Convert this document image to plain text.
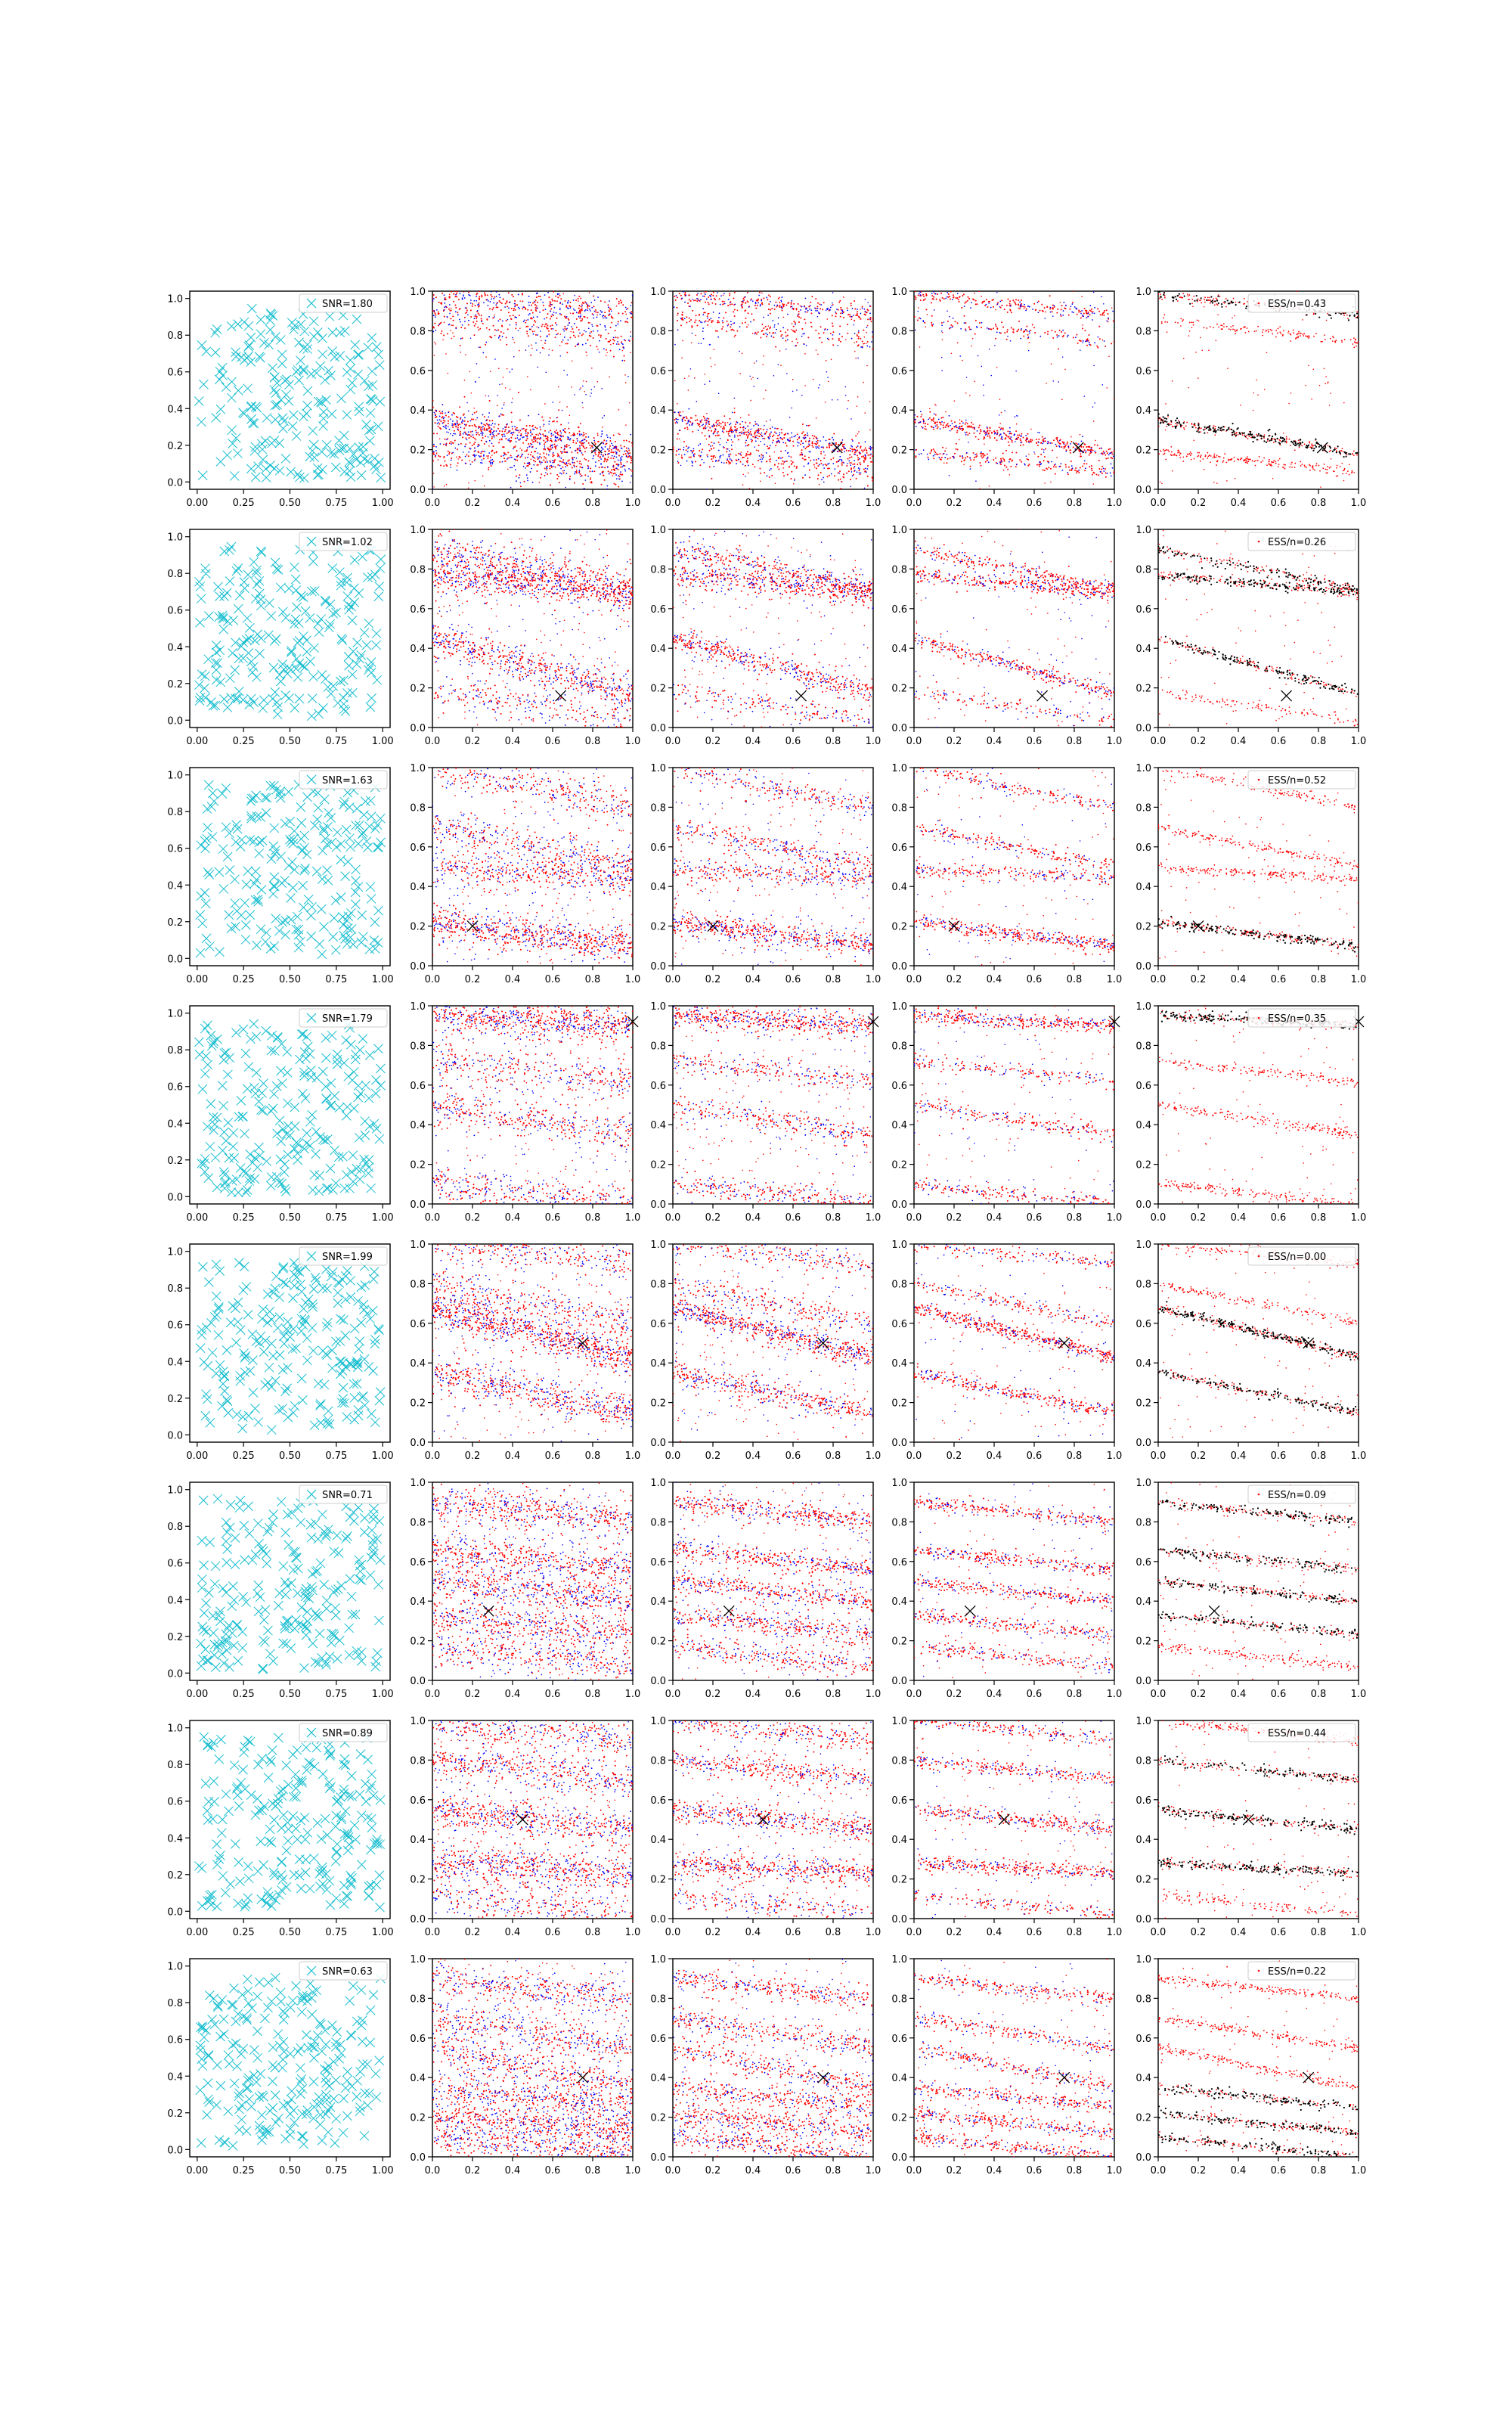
0.00 0.25 0.50 0.75 1.00
0.0
0.2
0.4
0.6
0.8
1.0	SNR=1.80
0.0 0.2 0.4 0.6 0.8 1.0
0.0
0.2
0.4
0.6
0.8
1.0
0.0 0.2 0.4 0.6 0.8 1.0
0.0
0.2
0.4
0.6
0.8
1.0
0.0 0.2 0.4 0.6 0.8 1.0
0.0
0.2
0.4
0.6
0.8
1.0
0.0 0.2 0.4 0.6 0.8 1.0
0.0
0.2
0.4
0.6
0.8
1.0
ESS/n=0.43
0.00 0.25 0.50 0.75 1.00
0.0
0.2
0.4
0.6
0.8
1.0	SNR=1.02
0.0 0.2 0.4 0.6 0.8 1.0
0.0
0.2
0.4
0.6
0.8
1.0
0.0 0.2 0.4 0.6 0.8 1.0
0.0
0.2
0.4
0.6
0.8
1.0
0.0 0.2 0.4 0.6 0.8 1.0
0.0
0.2
0.4
0.6
0.8
1.0
0.0 0.2 0.4 0.6 0.8 1.0
0.0
0.2
0.4
0.6
0.8
1.0
ESS/n=0.26
0.00 0.25 0.50 0.75 1.00
0.0
0.2
0.4
0.6
0.8
1.0	SNR=1.63
0.0 0.2 0.4 0.6 0.8 1.0
0.0
0.2
0.4
0.6
0.8
1.0
0.0 0.2 0.4 0.6 0.8 1.0
0.0
0.2
0.4
0.6
0.8
1.0
0.0 0.2 0.4 0.6 0.8 1.0
0.0
0.2
0.4
0.6
0.8
1.0
0.0 0.2 0.4 0.6 0.8 1.0
0.0
0.2
0.4
0.6
0.8
1.0
ESS/n=0.52
0.00 0.25 0.50 0.75 1.00
0.0
0.2
0.4
0.6
0.8
1.0	SNR=1.79
0.0 0.2 0.4 0.6 0.8 1.0
0.0
0.2
0.4
0.6
0.8
1.0
0.0 0.2 0.4 0.6 0.8 1.0
0.0
0.2
0.4
0.6
0.8
1.0
0.0 0.2 0.4 0.6 0.8 1.0
0.0
0.2
0.4
0.6
0.8
1.0
0.0 0.2 0.4 0.6 0.8 1.0
0.0
0.2
0.4
0.6
0.8
1.0
ESS/n=0.35
0.00 0.25 0.50 0.75 1.00
0.0
0.2
0.4
0.6
0.8
1.0	SNR=1.99
0.0 0.2 0.4 0.6 0.8 1.0
0.0
0.2
0.4
0.6
0.8
1.0
0.0 0.2 0.4 0.6 0.8 1.0
0.0
0.2
0.4
0.6
0.8
1.0
0.0 0.2 0.4 0.6 0.8 1.0
0.0
0.2
0.4
0.6
0.8
1.0
0.0 0.2 0.4 0.6 0.8 1.0
0.0
0.2
0.4
0.6
0.8
1.0
ESS/n=0.00
0.00 0.25 0.50 0.75 1.00
0.0
0.2
0.4
0.6
0.8
1.0	SNR=0.71
0.0 0.2 0.4 0.6 0.8 1.0
0.0
0.2
0.4
0.6
0.8
1.0
0.0 0.2 0.4 0.6 0.8 1.0
0.0
0.2
0.4
0.6
0.8
1.0
0.0 0.2 0.4 0.6 0.8 1.0
0.0
0.2
0.4
0.6
0.8
1.0
0.0 0.2 0.4 0.6 0.8 1.0
0.0
0.2
0.4
0.6
0.8
1.0
ESS/n=0.09
0.00 0.25 0.50 0.75 1.00
0.0
0.2
0.4
0.6
0.8
1.0	SNR=0.89
0.0 0.2 0.4 0.6 0.8 1.0
0.0
0.2
0.4
0.6
0.8
1.0
0.0 0.2 0.4 0.6 0.8 1.0
0.0
0.2
0.4
0.6
0.8
1.0
0.0 0.2 0.4 0.6 0.8 1.0
0.0
0.2
0.4
0.6
0.8
1.0
0.0 0.2 0.4 0.6 0.8 1.0
0.0
0.2
0.4
0.6
0.8
1.0
ESS/n=0.44
0.00 0.25 0.50 0.75 1.00
0.0
0.2
0.4
0.6
0.8
1.0	SNR=0.63
0.0 0.2 0.4 0.6 0.8 1.0
0.0
0.2
0.4
0.6
0.8
1.0
0.0 0.2 0.4 0.6 0.8 1.0
0.0
0.2
0.4
0.6
0.8
1.0
0.0 0.2 0.4 0.6 0.8 1.0
0.0
0.2
0.4
0.6
0.8
1.0
0.0 0.2 0.4 0.6 0.8 1.0
0.0
0.2
0.4
0.6
0.8
1.0
ESS/n=0.22
